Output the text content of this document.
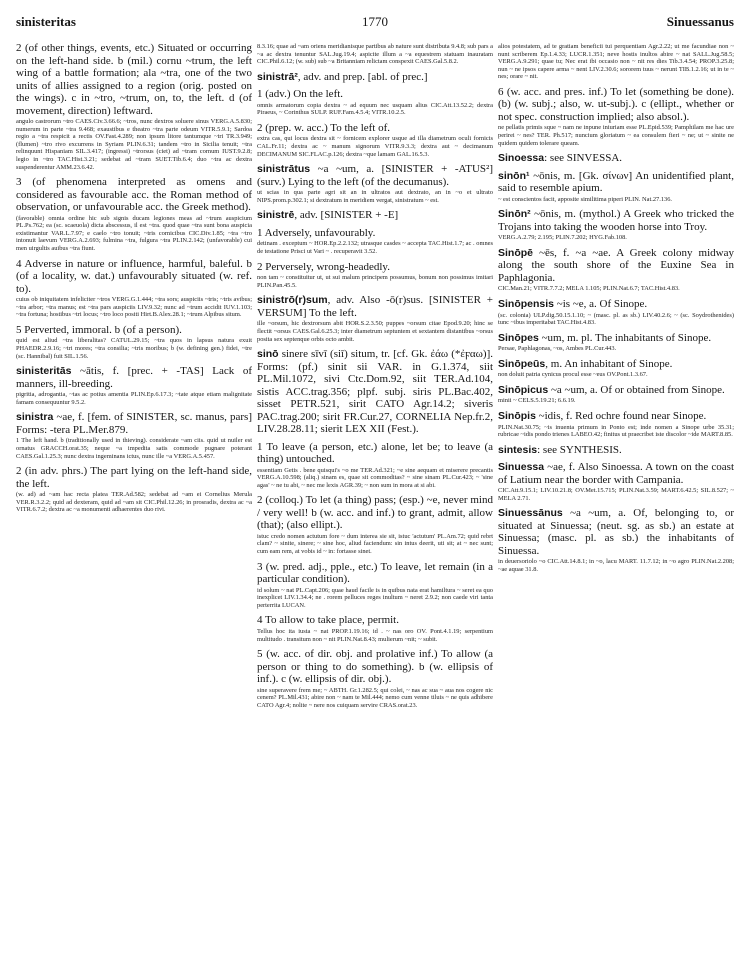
sinisteritas	1770	Sinuessanus

2 (of other things, events, etc.) Situated or occurring on the left-hand side. b (mil.) cornu ~trum, the left wing of a battle formation; ala ~tra, one of the two units of allies assigned to a region (orig. posted on the wings). c in ~tro, ~trum, on, to, the left. d (of movement, direction) leftward.

angulo castrorum ~tro CAES.Civ.3.66.6; ~tros, nunc dextros soluere sinus VERG.A.5.830; numerum in parte ~tra 9.468; exaustibus e theatro ~tra parte odeum VITR.5.9.1; Sardoa regio a ~tra respicit a rectis OV.Fast.4.289; non ipsum litore tantumque ~tri TR.3.949; (flumen) ~tro rivo excurrens in Syriam PLIN.6.31; tandem ~tro in Sicilia tenuit; ~tra relinquunt Hispaniam SIL.3.417; (ingressi) ~trorsus (ciet) ad ~tram cornum IUST.9.2.8; legio in ~tro TAC.Hist.3.21; sedebat ad ~tram SUET.Tib.6.4; duo ~tra ac dextra suspenderentur AMM.23.6.42.

3 (of phenomena interpreted as omens and considered as favourable acc. the Roman method of observation, or unfavourable acc. the Greek method).

(favorable) omnia ordine hic sub signis ducam legiones meas ad ~trum auspicium PL.Ps.762; ea (sc. scaeuola) dicta abscessus, il est ~tra. quod quae ~tra sunt bona auspicia existimantur VAR.L.7.97; e caelo ~tro tonuit; ~tris cornicibus CIC.Div.1.85; ~tra ~tro intonuit laevum VERG.A.2.693; fulmina ~tra, fulgura ~tra PLIN.2.142; (unfavorable) cui men uirgultis auibus ~tra fiunt.

4 Adverse in nature or influence, harmful, baleful. b (of a locality, w. dat.) unfavourably situated (w. ref. to).

cuius ob iniquitatem infeliciter ~tros VERG.G.1.444; ~tra sors; auspiciis ~tris; ~tris avibus; ~tra arbor; ~tra manus; est ~tra pars auspiciis LIV.9.32; nunc ad ~trum accidit IUV.1.103; ~tra fortuna; hostibus ~tri locus; ~tro loco positi Hirt.B.Alex.28.1; ~trum Alpibus situm.

5 Perverted, immoral. b (of a person).

quid est aliud ~tra liberalitas? CATUL.29.15; ~tra quos in lapsus natura exuit PHAEDR.2.9.16; ~tri mores; ~tra consilia; ~tris moribus; b (w. defining gen.) fidei, ~tre (sc. Hannibal) fuit SIL.1.56.

sinisteritās ~ātis, f. [prec. + -TAS] Lack of manners, ill-breeding.

pigritia, adrogantia, ~tas ac potius amentia PLIN.Ep.6.17.3; ~tate atque etiam malignitate famam consequuntur 9.5.2.

sinistra ~ae, f. [fem. of SINISTER, sc. manus, pars] Forms: -tera PL.Mer.879.

1 The left hand. b (traditionally used in thieving). considerate ~am ciis. quid ut nuiler est ornatus GRACCH.orat.35; neque ~a impedita satis commode pugnare poterant CAES.Gal.1.25.3; nunc dextra ingeminans ictus, nunc ille ~a VERG.A.5.457.

2 (in adv. phrs.) The part lying on the left-hand side, the left.

(w. ad) ad ~am hac recta platea TER.Ad.582; sedebat ad ~am ei Cornelius Merula VER.R.3.2.2; quid ad dexteram, quid ad ~am sit CIC.Phil.12.26; in prosradis, dextra ac ~a VITR.6.7.2; dextra ac ~a monumenti adhaerentes duo rivi.

8.3.16; quae ad ~am oriens meridianisque partibus ab nature sunt distributa 9.4.8; sub pars a ~a ac dextra tenuntur SAL.Jug.19.4; aspicite illum a ~a equestrem statuam inauratam CIC.Phil.6.12; (w. sub) sub ~a Britanniam relictam conspexit CAES.Gal.5.8.2.

sinistrā², adv. and prep. [abl. of prec.]

1 (adv.) On the left.

omnis armatorum copia dextra ~ ad equum nec usquam alius CIC.Att.13.52.2; dextra Piraeus, ~ Corinthus SULP. RUF.Fam.4.5.4; VITR.10.2.5.

2 (prep. w. acc.) To the left of.

extra cas, qui locus dextra sit ~ fornicem explorer usque ad illa diametrum oculi fornicis CAL.Fr.11; dextra ac ~ manum signorum VITR.9.3.3; dextra aut ~ decimanum DECIMANUM SIC.FLAC.p.126; dextra ~que lamam GAL.16.5.3.

sinistrātus ~a ~um, a. [SINISTER + -ATUS²] (surv.) Lying to the left (of the decumanus).

ut scias in qua parte agri sit an in ultratos aut dextrato, an in ~o et ultrato NIPS.prom.p.302.1; si dextratum in meridiem vergat, sinistratum ~ est.

sinistrē, adv. [SINISTER + -E]

1 Adversely, unfavourably.

detinam . exceptum ~ HOR.Ep.2.2.132; utrasque casdes ~ accepta TAC.Hist.1.7; ac . omnes de testatione Prisci ut Vari ~ . recuperavit 3.52.

2 Perversely, wrong-headedly.

non tam ~ constituitur ut, ut sui malum principem possumus, bonum non possimus imitari PLIN.Pan.45.5.

sinistrō(r)sum, adv. Also -ō(r)sus. [SINISTER + VERSUM] To the left.

ille ~orsum, hic dextrorsum abit HOR.S.2.3.50; puppes ~orsum citae Epod.9.20; hinc se flectit ~orsus CAES.Gal.6.25.3; inter diametrum septuntem et sextantem distantibus ~orsus posita sex septenque orbis octo ambit.

sinō sinere sīvī (siī) situm, tr. [cf. Gk. ἐάω (*ἐϝαω)]. Forms: (pf.) sinit sii VAR. in G.1.374, siit PL.Mil.1072, sivi Ctc.Dom.92, siit TER.Ad.104, sistis ACC.trag.356; plpf. subj. siris PL.Bac.402, sisset PETR.521, sirit CATO Agr.14.2; siveris PAC.trag.200; sirit FR.Cur.27, CORNELIA Nep.fr.2, LIV.28.28.11; sierit LEX XII (Fest.).

1 To leave (a person, etc.) alone, let be; to leave (a thing) untouched.

essentiam Getis . bene quisqui's ~o me TER.Ad.321; ~e sine aequam et miserere precantis VERG.A.10.598; (aliq.) sinam es, quae sit commoditas? ~ sine sinam PL.Cur.423; ~ 'sine agas' ~ ne tu abi, ~ nec me lexis AGR.39; ~ non sum in mora at si abi.

2 (colloq.) To let (a thing) pass; (esp.) ~e, never mind / very well! b (w. acc. and inf.) to grant, admit, allow (that); (also ellipt.).

istuc credo nomen actutum fore ~ dum interea sie sit, istuc 'actutum' PL.Am.72; quid rebrt clam? ~ sinite, sinere; ~ sine hoc, aliud faciendum: sin intus deerit, uti sit; at ~ nec sunt; cum eam rem, at vobis id ~ in: fortasse sinet.

3 (w. pred. adj., pple., etc.) To leave, let remain (in a particular condition).

id solum ~ nat PL.Capt.206; quae haud facile is in quibus nata erat hamiltura ~ seret ea quo inexplicet LIV.1.34.4; ne . rorem pelluces reges inultum ~ neret 2.9.2; non caede viri tanta perterrita LUCAN.

4 To allow to take place, permit.

Tellus hoc ita iusta ~ nat PROP.1.19.16; id . ~ nas oro OV. Pont.4.1.19; serpentium multitudo . transitum non ~ nit PLIN.Nat.8.43; mulierum ~nit; ~ subit.

5 (w. acc. of dir. obj. and prolative inf.) To allow (a person or thing to do something). b (w. ellipsis of inf.). c (w. ellipsis of dir. obj.).

sine superavere frem me; ~ ABTH. Gr.1.282.5; qui colei, ~ nas ac sua ~ aua nos cogere nic cenem? PL.Mil.431; abire non ~ nam te Mil.444; nemo cum venne tiluis ~ ne quis adhibere CATO Agr.4; nolite ~ nere nos cuiquam servire CRAS.orat.23.

alios potestatem, ad te gratiam beneficii tui perquentiam Agr.2.22; ut me facundiae non ~ nunt scriberem Ep.1.4.33; LUCR.1.351; neve hostis inultos abire ~ nat SALL.Jug.58.5; VERG.A.9.291; quae tu; Nec erat ibi occasio non ~ nit res dies Tib.3.4.54; PROP.3.25.8; nun ~ ne ipsos capere arma ~ nent LIV.2.30.6; sororem tuus ~ nerunt TIB.1.2.16; ut in te ~ nes; orare ~ nit.

6 (w. acc. and pres. inf.) To let (something be done). (b) (w. subj.; also, w. ut-subj.). c (ellipt., whether or not spec. construction implied; also absol.).

ne pellatis primis sque ~ nam ne inpune iniuriam esse PL.Epid.539; Pamphilam me hac ure perirei ~ nes? TER. Ph.517; nuncium gloriatum ~ ea consulem fieri ~ ne; ut ~ sinite ne quidem quidem tolerare queam.

Sinoessa: see SINVESSA.

sinōn¹ ~ōnis, m. [Gk. σίνων] An unidentified plant, said to resemble apium.

~ est conscientos facit, apposite similitima piperi PLIN. Nat.27.136.

Sinōn² ~ōnis, m. (mythol.) A Greek who tricked the Trojans into taking the wooden horse into Troy.

VERG.A.2.79; 2.195; PLIN.7.202; HYG.Fab.108.

Sinōpē ~ēs, f. ~a ~ae. A Greek colony midway along the south shore of the Euxine Sea in Paphlagonia.

CIC.Man.21; VITR.7.7.2; MELA 1.105; PLIN.Nat.6.7; TAC.Hist.4.83.

Sinōpensis ~is ~e, a. Of Sinope.

(sc. colonia) ULP.dig.50.15.1.10; ~ (masc. pl. as sb.) LIV.40.2.6; ~ (sc. Soydrothenides) tunc ~ibus imperitabat TAC.Hist.4.83.

Sinōpes ~um, m. pl. The inhabitants of Sinope.

Persae, Paphlagonas, ~os, Ambes PL.Cur.443.

Sinōpeūs, m. An inhabitant of Sinope.

non doluit patria cynicus procul esse ~eus OV.Pont.1.3.67.

Sinōpicus ~a ~um, a. Of or obtained from Sinope.

minii ~ CELS.5.19.21; 6.6.19.

Sinōpis ~idis, f. Red ochre found near Sinope.

PLIN.Nat.30.75; ~is inuenta primum in Ponto est; inde nomen a Sinope urbe 35.31; rubricae ~idis pondo trienes LABEO.42; finitus ut praecribet iste discolor ~ide MART.8.85.

sintesis: see SYNTHESIS.

Sinuessa ~ae, f. Also Sinoessa. A town on the coast of Latium near the border with Campania.

CIC.Att.9.15.1; LIV.10.21.8; OV.Met.15.715; PLIN.Nat.3.59; MART.6.42.5; SIL.8.527; ~ MELA 2.71.

Sinuessānus ~a ~um, a. Of, belonging to, or situated at Sinuessa; (neut. sg. as sb.) an estate at Sinuessa; (masc. pl. as sb.) the inhabitants of Sinuessa.

in deuersoriolo ~o CIC.Att.14.8.1; in ~o, lacu MART. 11.7.12; in ~o agro PLIN.Nat.2.208; ~ae aquae 31.8.
